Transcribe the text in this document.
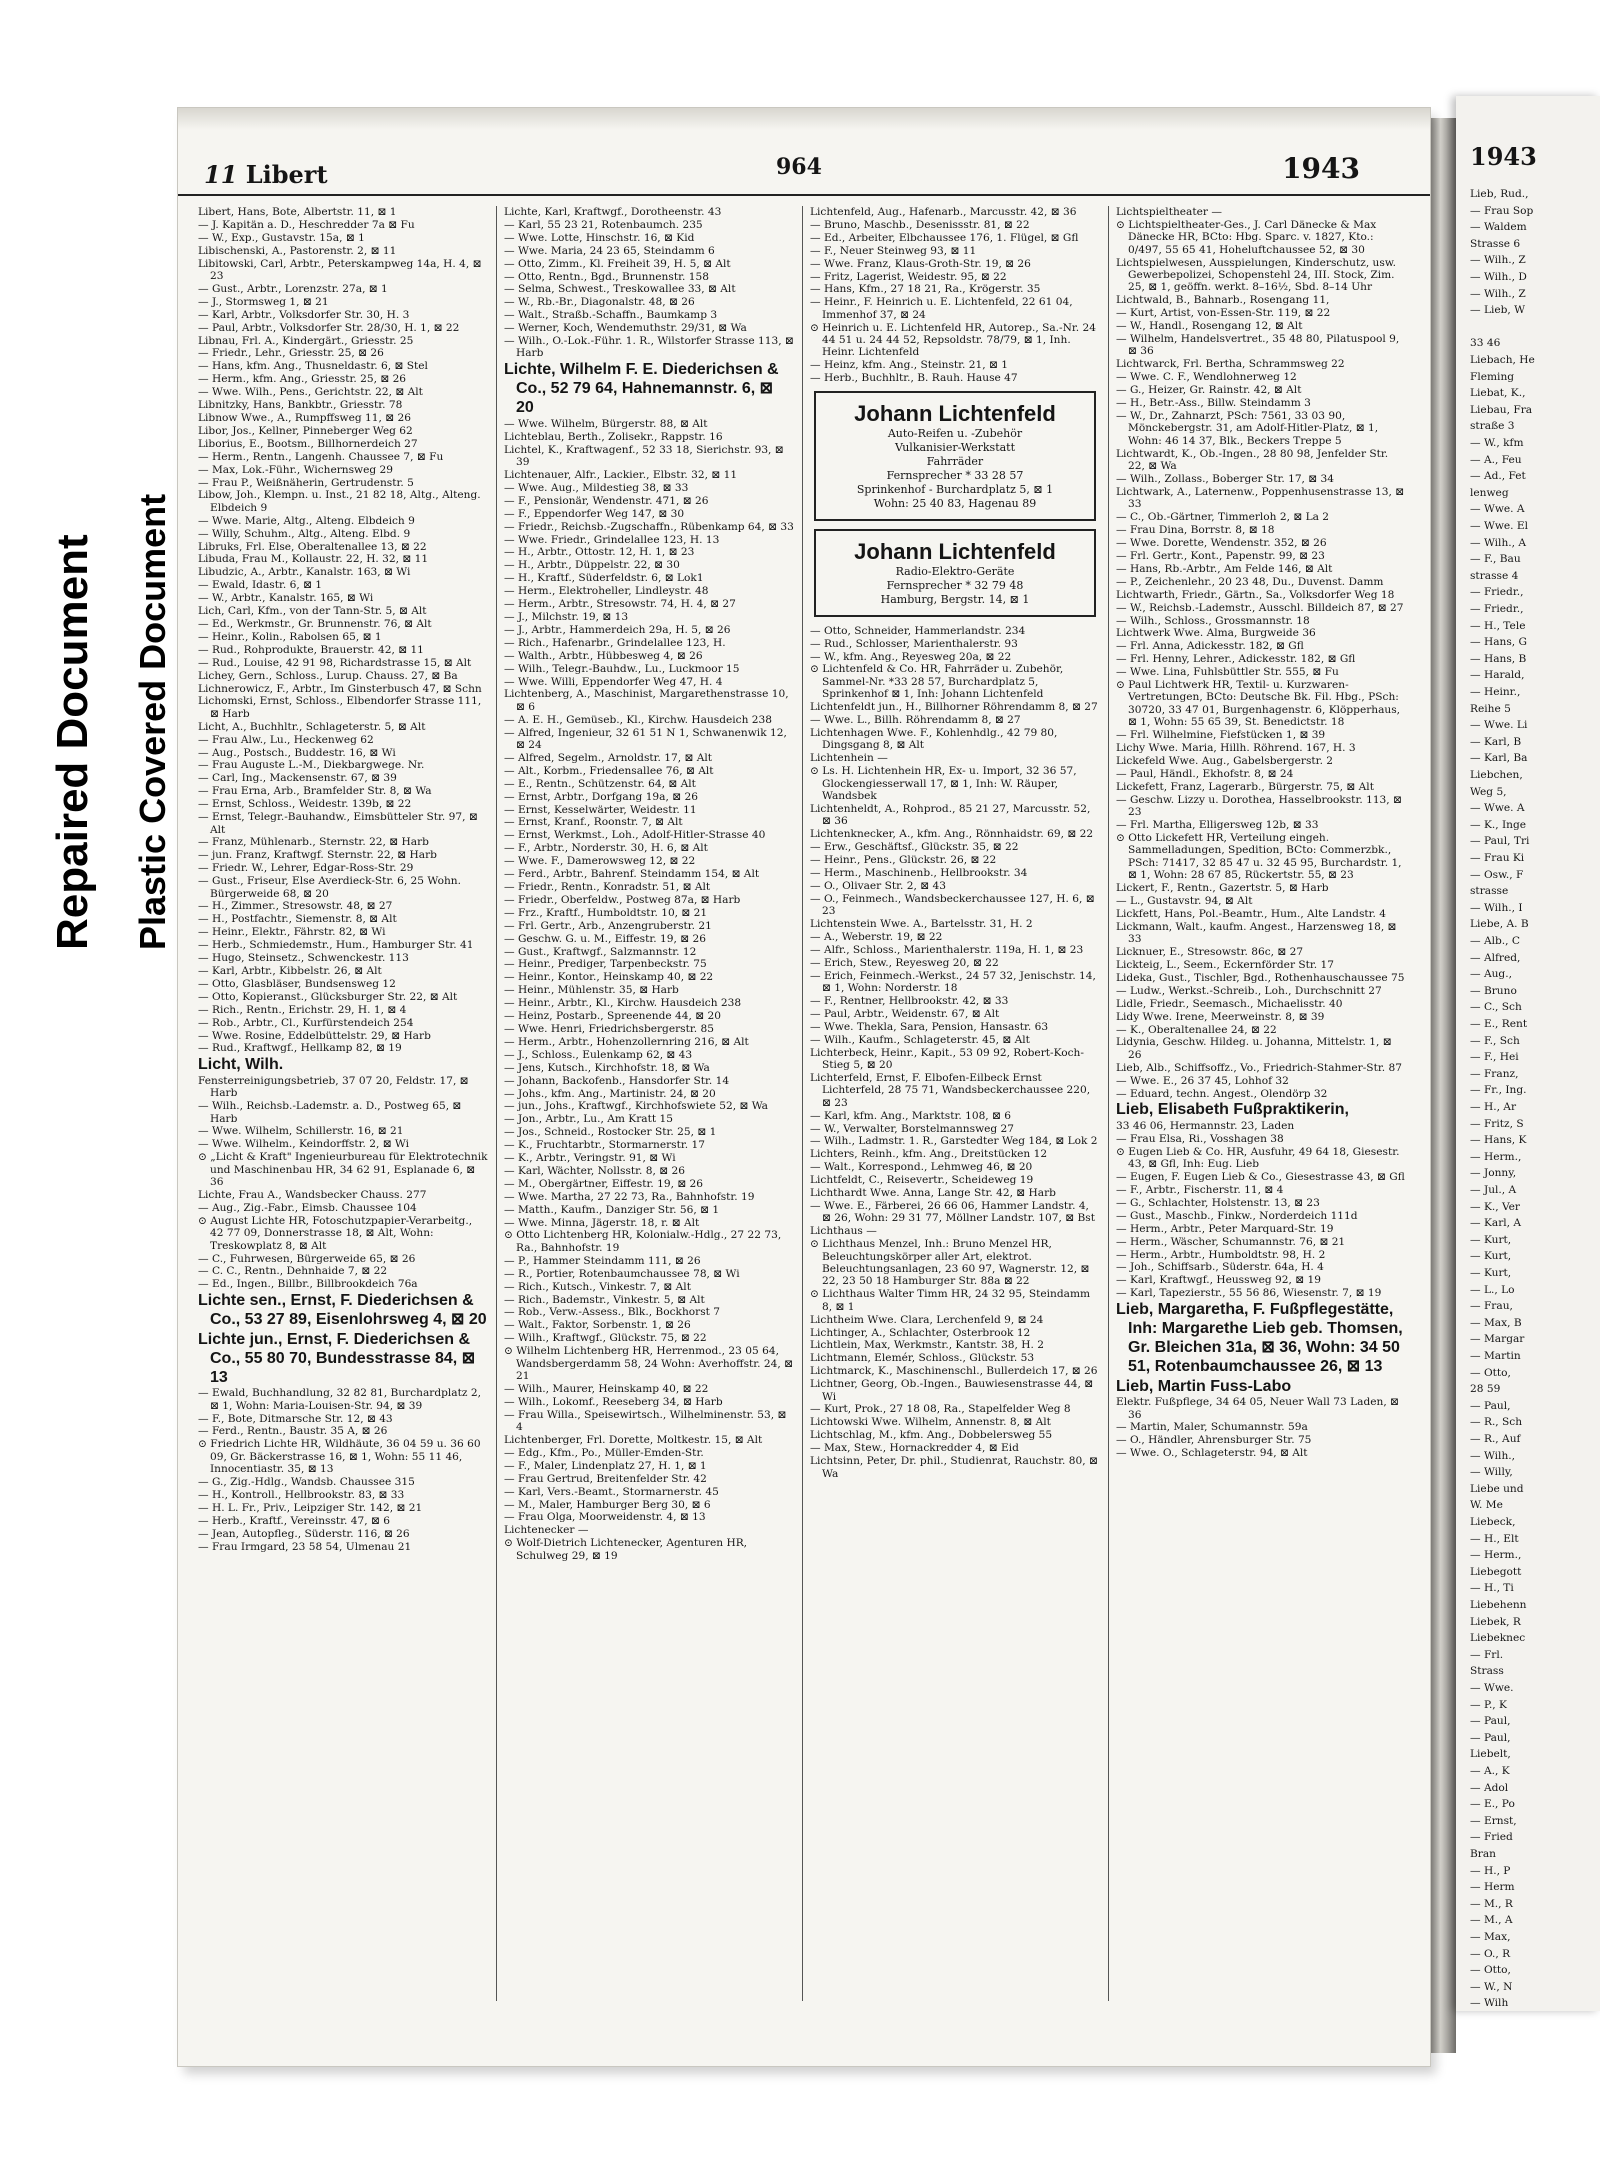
Repaired Document Plastic Covered Document
1943
Lieb, Rud.,
— Frau Sop
— Waldem
Strasse 6
— Wilh., Z
— Wilh., D
— Wilh., Z
— Lieb, W
33 46
Liebach, He
Fleming
Liebat, K.,
Liebau, Fra
straße 3
— W., kfm
— A., Feu
— Ad., Fet
lenweg
— Wwe. A
— Wwe. El
— Wilh., A
— F., Bau
strasse 4
— Friedr.,
— Friedr.,
— H., Tele
— Hans, G
— Hans, B
— Harald,
— Heinr.,
Reihe 5
— Wwe. Li
— Karl, B
— Karl, Ba
Liebchen,
Weg 5,
— Wwe. A
— K., Inge
— Paul, Tri
— Frau Ki
— Osw., F
strasse
— Wilh., I
Liebe, A. B
— Alb., C
— Alfred,
— Aug.,
— Bruno
— C., Sch
— E., Rent
— F., Sch
— F., Hei
— Franz,
— Fr., Ing.
— H., Ar
— Fritz, S
— Hans, K
— Herm.,
— Jonny,
— Jul., A
— K., Ver
— Karl, A
— Kurt,
— Kurt,
— Kurt,
— L., Lo
— Frau,
— Max, B
— Margar
— Martin
— Otto,
28 59
— Paul,
— R., Sch
— R., Auf
— Wilh.,
— Willy,
Liebe und
W. Me
Liebeck,
— H., Elt
— Herm.,
Liebegott
— H., Ti
Liebehenn
Liebek, R
Liebeknec
— Frl.
Strass
— Wwe.
— P., K
— Paul,
— Paul,
Liebelt,
— A., K
— Adol
— E., Po
— Ernst,
— Fried
Bran
— H., P
— Herm
— M., R
— M., A
— Max,
— O., R
— Otto,
— W., N
— Wilh
11 Libert	964	1943

Libert, Hans, Bote, Albertstr. 11, ⊠ 1

— J. Kapitän a. D., Heschredder 7a ⊠ Fu

— W., Exp., Gustavstr. 15a, ⊠ 1

Libischenski, A., Pastorenstr. 2, ⊠ 11

Libitowski, Carl, Arbtr., Peterskampweg 14a, H. 4, ⊠ 23

— Gust., Arbtr., Lorenzstr. 27a, ⊠ 1

— J., Stormsweg 1, ⊠ 21

— Karl, Arbtr., Volksdorfer Str. 30, H. 3

— Paul, Arbtr., Volksdorfer Str. 28/30, H. 1, ⊠ 22

Libnau, Frl. A., Kindergärt., Griesstr. 25

— Friedr., Lehr., Griesstr. 25, ⊠ 26

— Hans, kfm. Ang., Thusneldastr. 6, ⊠ Stel

— Herm., kfm. Ang., Griesstr. 25, ⊠ 26

— Wwe. Wilh., Pens., Gerichtstr. 22, ⊠ Alt

Libnitzky, Hans, Bankbtr., Griesstr. 78

Libnow Wwe., A., Rumpffsweg 11, ⊠ 26

Libor, Jos., Kellner, Pinneberger Weg 62

Liborius, E., Bootsm., Billhornerdeich 27

— Herm., Rentn., Langenh. Chaussee 7, ⊠ Fu

— Max, Lok.-Führ., Wichernsweg 29

— Frau P., Weißnäherin, Gertrudenstr. 5

Libow, Joh., Klempn. u. Inst., 21 82 18, Altg., Alteng. Elbdeich 9

— Wwe. Marie, Altg., Alteng. Elbdeich 9

— Willy, Schuhm., Altg., Alteng. Elbd. 9

Libruks, Frl. Else, Oberaltenallee 13, ⊠ 22

Libuda, Frau M., Kollaustr. 22, H. 32, ⊠ 11

Libudzic, A., Arbtr., Kanalstr. 163, ⊠ Wi

— Ewald, Idastr. 6, ⊠ 1

— W., Arbtr., Kanalstr. 165, ⊠ Wi

Lich, Carl, Kfm., von der Tann-Str. 5, ⊠ Alt

— Ed., Werkmstr., Gr. Brunnenstr. 76, ⊠ Alt

— Heinr., Kolin., Rabolsen 65, ⊠ 1

— Rud., Rohprodukte, Brauerstr. 42, ⊠ 11

— Rud., Louise, 42 91 98, Richardstrasse 15, ⊠ Alt

Lichey, Gern., Schloss., Lurup. Chauss. 27, ⊠ Ba

Lichnerowicz, F., Arbtr., Im Ginsterbusch 47, ⊠ Schn

Lichomski, Ernst, Schloss., Elbendorfer Strasse 111, ⊠ Harb

Licht, A., Buchhltr., Schlageterstr. 5, ⊠ Alt

— Frau Alw., Lu., Heckenweg 62

— Aug., Postsch., Buddestr. 16, ⊠ Wi

— Frau Auguste L.-M., Diekbargwege. Nr.

— Carl, Ing., Mackensenstr. 67, ⊠ 39

— Frau Erna, Arb., Bramfelder Str. 8, ⊠ Wa

— Ernst, Schloss., Weidestr. 139b, ⊠ 22

— Ernst, Telegr.-Bauhandw., Eimsbütteler Str. 97, ⊠ Alt

— Franz, Mühlenarb., Sternstr. 22, ⊠ Harb

— jun. Franz, Kraftwgf. Sternstr. 22, ⊠ Harb

— Friedr. W., Lehrer, Edgar-Ross-Str. 29

— Gust., Friseur, Else Averdieck-Str. 6, 25 Wohn. Bürgerweide 68, ⊠ 20

— H., Zimmer., Stresowstr. 48, ⊠ 27

— H., Postfachtr., Siemenstr. 8, ⊠ Alt

— Heinr., Elektr., Fährstr. 82, ⊠ Wi

— Herb., Schmiedemstr., Hum., Hamburger Str. 41

— Hugo, Steinsetz., Schwenckestr. 113

— Karl, Arbtr., Kibbelstr. 26, ⊠ Alt

— Otto, Glasbläser, Bundsensweg 12

— Otto, Kopieranst., Glücksburger Str. 22, ⊠ Alt

— Rich., Rentn., Erichstr. 29, H. 1, ⊠ 4

— Rob., Arbtr., Cl., Kurfürstendeich 254

— Wwe. Rosine, Eddelbüttelstr. 29, ⊠ Harb

— Rud., Kraftwgf., Hellkamp 82, ⊠ 19

Licht, Wilh.

Fensterreinigungsbetrieb, 37 07 20, Feldstr. 17, ⊠ Harb

— Wilh., Reichsb.-Lademstr. a. D., Postweg 65, ⊠ Harb

— Wwe. Wilhelm, Schillerstr. 16, ⊠ 21

— Wwe. Wilhelm., Keindorffstr. 2, ⊠ Wi

⊙ „Licht & Kraft" Ingenieurbureau für Elektrotechnik und Maschinenbau HR, 34 62 91, Esplanade 6, ⊠ 36

Lichte, Frau A., Wandsbecker Chauss. 277

— Aug., Zig.-Fabr., Eimsb. Chaussee 104

⊙ August Lichte HR, Fotoschutzpapier-Verarbeitg., 42 77 09, Donnerstrasse 18, ⊠ Alt, Wohn: Treskowplatz 8, ⊠ Alt

— C., Fuhrwesen, Bürgerweide 65, ⊠ 26

— C. C., Rentn., Dehnhaide 7, ⊠ 22

— Ed., Ingen., Billbr., Billbrookdeich 76a

Lichte sen., Ernst, F. Diederichsen & Co., 53 27 89, Eisenlohrsweg 4, ⊠ 20

Lichte jun., Ernst, F. Diederichsen & Co., 55 80 70, Bundesstrasse 84, ⊠ 13

— Ewald, Buchhandlung, 32 82 81, Burchardplatz 2, ⊠ 1, Wohn: Maria-Louisen-Str. 94, ⊠ 39

— F., Bote, Ditmarsche Str. 12, ⊠ 43

— Ferd., Rentn., Baustr. 35 A, ⊠ 26

⊙ Friedrich Lichte HR, Wildhäute, 36 04 59 u. 36 60 09, Gr. Bäckerstrasse 16, ⊠ 1, Wohn: 55 11 46, Innocentiastr. 35, ⊠ 13

— G., Zig.-Hdlg., Wandsb. Chaussee 315

— H., Kontroll., Hellbrookstr. 83, ⊠ 33

— H. L. Fr., Priv., Leipziger Str. 142, ⊠ 21

— Herb., Kraftf., Vereinsstr. 47, ⊠ 6

— Jean, Autopfleg., Süderstr. 116, ⊠ 26

— Frau Irmgard, 23 58 54, Ulmenau 21

Lichte, Karl, Kraftwgf., Dorotheenstr. 43

— Karl, 55 23 21, Rotenbaumch. 235

— Wwe. Lotte, Hinschstr. 16, ⊠ Kid

— Wwe. Maria, 24 23 65, Steindamm 6

— Otto, Zimm., Kl. Freiheit 39, H. 5, ⊠ Alt

— Otto, Rentn., Bgd., Brunnenstr. 158

— Selma, Schwest., Treskowallee 33, ⊠ Alt

— W., Rb.-Br., Diagonalstr. 48, ⊠ 26

— Walt., Straßb.-Schaffn., Baumkamp 3

— Werner, Koch, Wendemuthstr. 29/31, ⊠ Wa

— Wilh., O.-Lok.-Führ. 1. R., Wilstorfer Strasse 113, ⊠ Harb

Lichte, Wilhelm F. E. Diederichsen & Co., 52 79 64, Hahnemannstr. 6, ⊠ 20

— Wwe. Wilhelm, Bürgerstr. 88, ⊠ Alt

Lichteblau, Berth., Zolisekr., Rappstr. 16

Lichtel, K., Kraftwagenf., 52 33 18, Sierichstr. 93, ⊠ 39

Lichtenauer, Alfr., Lackier., Elbstr. 32, ⊠ 11

— Wwe. Aug., Mildestieg 38, ⊠ 33

— F., Pensionär, Wendenstr. 471, ⊠ 26

— F., Eppendorfer Weg 147, ⊠ 30

— Friedr., Reichsb.-Zugschaffn., Rübenkamp 64, ⊠ 33

— Wwe. Friedr., Grindelallee 123, H. 13

— H., Arbtr., Ottostr. 12, H. 1, ⊠ 23

— H., Arbtr., Düppelstr. 22, ⊠ 30

— H., Kraftf., Süderfeldstr. 6, ⊠ Lok1

— Herm., Elektroheller, Lindleystr. 48

— Herm., Arbtr., Stresowstr. 74, H. 4, ⊠ 27

— J., Milchstr. 19, ⊠ 13

— J., Arbtr., Hammerdeich 29a, H. 5, ⊠ 26

— Rich., Hafenarbr., Grindelallee 123, H.

— Walth., Arbtr., Hübbesweg 4, ⊠ 26

— Wilh., Telegr.-Bauhdw., Lu., Luckmoor 15

— Wwe. Willi, Eppendorfer Weg 47, H. 4

Lichtenberg, A., Maschinist, Margarethenstrasse 10, ⊠ 6

— A. E. H., Gemüseb., Kl., Kirchw. Hausdeich 238

— Alfred, Ingenieur, 32 61 51 N 1, Schwanenwik 12, ⊠ 24

— Alfred, Segelm., Arnoldstr. 17, ⊠ Alt

— Alt., Korbm., Friedensallee 76, ⊠ Alt

— E., Rentn., Schützenstr. 64, ⊠ Alt

— Ernst, Arbtr., Dorfgang 19a, ⊠ 26

— Ernst, Kesselwärter, Weidestr. 11

— Ernst, Kranf., Roonstr. 7, ⊠ Alt

— Ernst, Werkmst., Loh., Adolf-Hitler-Strasse 40

— F., Arbtr., Norderstr. 30, H. 6, ⊠ Alt

— Wwe. F., Damerowsweg 12, ⊠ 22

— Ferd., Arbtr., Bahrenf. Steindamm 154, ⊠ Alt

— Friedr., Rentn., Konradstr. 51, ⊠ Alt

— Friedr., Oberfeldw., Postweg 87a, ⊠ Harb

— Frz., Kraftf., Humboldtstr. 10, ⊠ 21

— Frl. Gertr., Arb., Anzengruberstr. 21

— Geschw. G. u. M., Eiffestr. 19, ⊠ 26

— Gust., Kraftwgf., Salzmannstr. 12

— Heinr., Prediger, Tarpenbeckstr. 75

— Heinr., Kontor., Heinskamp 40, ⊠ 22

— Heinr., Mühlenstr. 35, ⊠ Harb

— Heinr., Arbtr., Kl., Kirchw. Hausdeich 238

— Heinz, Postarb., Spreenende 44, ⊠ 20

— Wwe. Henri, Friedrichsbergerstr. 85

— Herm., Arbtr., Hohenzollernring 216, ⊠ Alt

— J., Schloss., Eulenkamp 62, ⊠ 43

— Jens, Kutsch., Kirchhofstr. 18, ⊠ Wa

— Johann, Backofenb., Hansdorfer Str. 14

— Johs., kfm. Ang., Martinistr. 24, ⊠ 20

— jun., Johs., Kraftwgf., Kirchhofswiete 52, ⊠ Wa

— Jon., Arbtr., Lu., Am Kratt 15

— Jos., Schneid., Rostocker Str. 25, ⊠ 1

— K., Fruchtarbtr., Stormarnerstr. 17

— K., Arbtr., Veringstr. 91, ⊠ Wi

— Karl, Wächter, Nollsstr. 8, ⊠ 26

— M., Obergärtner, Eiffestr. 19, ⊠ 26

— Wwe. Martha, 27 22 73, Ra., Bahnhofstr. 19

— Matth., Kaufm., Danziger Str. 56, ⊠ 1

— Wwe. Minna, Jägerstr. 18, r. ⊠ Alt

⊙ Otto Lichtenberg HR, Kolonialw.-Hdlg., 27 22 73, Ra., Bahnhofstr. 19

— P., Hammer Steindamm 111, ⊠ 26

— R., Portier, Rotenbaumchaussee 78, ⊠ Wi

— Rich., Kutsch., Vinkestr. 7, ⊠ Alt

— Rich., Bademstr., Vinkestr. 5, ⊠ Alt

— Rob., Verw.-Assess., Blk., Bockhorst 7

— Walt., Faktor, Sorbenstr. 1, ⊠ 26

— Wilh., Kraftwgf., Glückstr. 75, ⊠ 22

⊙ Wilhelm Lichtenberg HR, Herrenmod., 23 05 64, Wandsbergerdamm 58, 24 Wohn: Averhoffstr. 24, ⊠ 21

— Wilh., Maurer, Heinskamp 40, ⊠ 22

— Wilh., Lokomf., Reeseberg 34, ⊠ Harb

— Frau Willa., Speisewirtsch., Wilhelminenstr. 53, ⊠ 4

Lichtenberger, Frl. Dorette, Moltkestr. 15, ⊠ Alt

— Edg., Kfm., Po., Müller-Emden-Str.

— F., Maler, Lindenplatz 27, H. 1, ⊠ 1

— Frau Gertrud, Breitenfelder Str. 42

— Karl, Vers.-Beamt., Stormarnerstr. 45

— M., Maler, Hamburger Berg 30, ⊠ 6

— Frau Olga, Moorweidenstr. 4, ⊠ 13

Lichtenecker —

⊙ Wolf-Dietrich Lichtenecker, Agenturen HR, Schulweg 29, ⊠ 19

Lichtenfeld, Aug., Hafenarb., Marcusstr. 42, ⊠ 36

— Bruno, Maschb., Desenissstr. 81, ⊠ 22

— Ed., Arbeiter, Elbchaussee 176, 1. Flügel, ⊠ Gfl

— F., Neuer Steinweg 93, ⊠ 11

— Wwe. Franz, Klaus-Groth-Str. 19, ⊠ 26

— Fritz, Lagerist, Weidestr. 95, ⊠ 22

— Hans, Kfm., 27 18 21, Ra., Krögerstr. 35

— Heinr., F. Heinrich u. E. Lichtenfeld, 22 61 04, Immenhof 37, ⊠ 24

⊙ Heinrich u. E. Lichtenfeld HR, Autorep., Sa.-Nr. 24 44 51 u. 24 44 52, Repsoldstr. 78/79, ⊠ 1, Inh. Heinr. Lichtenfeld

— Heinz, kfm. Ang., Steinstr. 21, ⊠ 1

— Herb., Buchhltr., B. Rauh. Hause 47

Johann Lichtenfeld
Auto-Reifen u. -Zubehör
Vulkanisier-Werkstatt
Fahrräder
Fernsprecher * 33 28 57
Sprinkenhof - Burchardplatz 5, ⊠ 1
Wohn: 25 40 83, Hagenau 89
Johann Lichtenfeld
Radio-Elektro-Geräte
Fernsprecher * 32 79 48
Hamburg, Bergstr. 14, ⊠ 1

— Otto, Schneider, Hammerlandstr. 234

— Rud., Schlosser, Marienthalerstr. 93

— W., kfm. Ang., Reyesweg 20a, ⊠ 22

⊙ Lichtenfeld & Co. HR, Fahrräder u. Zubehör, Sammel-Nr. *33 28 57, Burchardplatz 5, Sprinkenhof ⊠ 1, Inh: Johann Lichtenfeld

Lichtenfeldt jun., H., Billhorner Röhrendamm 8, ⊠ 27

— Wwe. L., Billh. Röhrendamm 8, ⊠ 27

Lichtenhagen Wwe. F., Kohlenhdlg., 42 79 80, Dingsgang 8, ⊠ Alt

Lichtenhein —

⊙ Ls. H. Lichtenhein HR, Ex- u. Import, 32 36 57, Glockengiesserwall 17, ⊠ 1, Inh: W. Räuper, Wandsbek

Lichtenheldt, A., Rohprod., 85 21 27, Marcusstr. 52, ⊠ 36

Lichtenknecker, A., kfm. Ang., Rönnhaidstr. 69, ⊠ 22

— Erw., Geschäftsf., Glückstr. 35, ⊠ 22

— Heinr., Pens., Glückstr. 26, ⊠ 22

— Herm., Maschinenb., Hellbrookstr. 34

— O., Olivaer Str. 2, ⊠ 43

— O., Feinmech., Wandsbeckerchaussee 127, H. 6, ⊠ 23

Lichtenstein Wwe. A., Bartelsstr. 31, H. 2

— A., Weberstr. 19, ⊠ 22

— Alfr., Schloss., Marienthalerstr. 119a, H. 1, ⊠ 23

— Erich, Stew., Reyesweg 20, ⊠ 22

— Erich, Feinmech.-Werkst., 24 57 32, Jenischstr. 14, ⊠ 1, Wohn: Norderstr. 18

— F., Rentner, Hellbrookstr. 42, ⊠ 33

— Paul, Arbtr., Weidenstr. 67, ⊠ Alt

— Wwe. Thekla, Sara, Pension, Hansastr. 63

— Wilh., Kaufm., Schlageterstr. 45, ⊠ Alt

Lichterbeck, Heinr., Kapit., 53 09 92, Robert-Koch-Stieg 5, ⊠ 20

Lichterfeld, Ernst, F. Elbofen-Eilbeck Ernst Lichterfeld, 28 75 71, Wandsbeckerchaussee 220, ⊠ 23

— Karl, kfm. Ang., Marktstr. 108, ⊠ 6

— W., Verwalter, Borstelmannsweg 27

— Wilh., Ladmstr. 1. R., Garstedter Weg 184, ⊠ Lok 2

Lichters, Reinh., kfm. Ang., Dreitstücken 12

— Walt., Korrespond., Lehmweg 46, ⊠ 20

Lichtfeldt, C., Reisevertr., Scheideweg 19

Lichthardt Wwe. Anna, Lange Str. 42, ⊠ Harb

— Wwe. E., Färberei, 26 66 06, Hammer Landstr. 4, ⊠ 26, Wohn: 29 31 77, Möllner Landstr. 107, ⊠ Bst

Lichthaus —

⊙ Lichthaus Menzel, Inh.: Bruno Menzel HR, Beleuchtungskörper aller Art, elektrot. Beleuchtungsanlagen, 23 60 97, Wagnerstr. 12, ⊠ 22, 23 50 18 Hamburger Str. 88a ⊠ 22

⊙ Lichthaus Walter Timm HR, 24 32 95, Steindamm 8, ⊠ 1

Lichtheim Wwe. Clara, Lerchenfeld 9, ⊠ 24

Lichtinger, A., Schlachter, Osterbrook 12

Lichtlein, Max, Werkmstr., Kantstr. 38, H. 2

Lichtmann, Elemér, Schloss., Glückstr. 53

Lichtmarck, K., Maschinenschl., Bullerdeich 17, ⊠ 26

Lichtner, Georg, Ob.-Ingen., Bauwiesenstrasse 44, ⊠ Wi

— Kurt, Prok., 27 18 08, Ra., Stapelfelder Weg 8

Lichtowski Wwe. Wilhelm, Annenstr. 8, ⊠ Alt

Lichtschlag, M., kfm. Ang., Dobbelersweg 55

— Max, Stew., Hornackredder 4, ⊠ Eid

Lichtsinn, Peter, Dr. phil., Studienrat, Rauchstr. 80, ⊠ Wa

Lichtspieltheater —

⊙ Lichtspieltheater-Ges., J. Carl Dänecke & Max Dänecke HR, BCto: Hbg. Sparc. v. 1827, Kto.: 0/497, 55 65 41, Hoheluftchaussee 52, ⊠ 30

Lichtspielwesen, Ausspielungen, Kinderschutz, usw. Gewerbepolizei, Schopenstehl 24, III. Stock, Zim. 25, ⊠ 1, geöffn. werkt. 8–16½, Sbd. 8–14 Uhr

Lichtwald, B., Bahnarb., Rosengang 11,

— Kurt, Artist, von-Essen-Str. 119, ⊠ 22

— W., Handl., Rosengang 12, ⊠ Alt

— Wilhelm, Handelsvertret., 35 48 80, Pilatuspool 9, ⊠ 36

Lichtwarck, Frl. Bertha, Schrammsweg 22

— Wwe. C. F., Wendlohnerweg 12

— G., Heizer, Gr. Rainstr. 42, ⊠ Alt

— H., Betr.-Ass., Billw. Steindamm 3

— W., Dr., Zahnarzt, PSch: 7561, 33 03 90, Mönckebergstr. 31, am Adolf-Hitler-Platz, ⊠ 1, Wohn: 46 14 37, Blk., Beckers Treppe 5

Lichtwardt, K., Ob.-Ingen., 28 80 98, Jenfelder Str. 22, ⊠ Wa

— Wilh., Zollass., Boberger Str. 17, ⊠ 34

Lichtwark, A., Laternenw., Poppenhusenstrasse 13, ⊠ 33

— C., Ob.-Gärtner, Timmerloh 2, ⊠ La 2

— Frau Dina, Borrstr. 8, ⊠ 18

— Wwe. Dorette, Wendenstr. 352, ⊠ 26

— Frl. Gertr., Kont., Papenstr. 99, ⊠ 23

— Hans, Rb.-Arbtr., Am Felde 146, ⊠ Alt

— P., Zeichenlehr., 20 23 48, Du., Duvenst. Damm

Lichtwarth, Friedr., Gärtn., Sa., Volksdorfer Weg 18

— W., Reichsb.-Lademstr., Ausschl. Billdeich 87, ⊠ 27

— Wilh., Schloss., Grossmannstr. 18

Lichtwerk Wwe. Alma, Burgweide 36

— Frl. Anna, Adickesstr. 182, ⊠ Gfl

— Frl. Henny, Lehrer., Adickesstr. 182, ⊠ Gfl

— Wwe. Lina, Fuhlsbüttler Str. 555, ⊠ Fu

⊙ Paul Lichtwerk HR, Textil- u. Kurzwaren-Vertretungen, BCto: Deutsche Bk. Fil. Hbg., PSch: 30720, 33 47 01, Burgenhagenstr. 6, Klöpperhaus, ⊠ 1, Wohn: 55 65 39, St. Benedictstr. 18

— Frl. Wilhelmine, Fiefstücken 1, ⊠ 39

Lichy Wwe. Maria, Hillh. Röhrend. 167, H. 3

Lickefeld Wwe. Aug., Gabelsbergerstr. 2

— Paul, Händl., Ekhofstr. 8, ⊠ 24

Lickefett, Franz, Lagerarb., Bürgerstr. 75, ⊠ Alt

— Geschw. Lizzy u. Dorothea, Hasselbrookstr. 113, ⊠ 23

— Frl. Martha, Elligersweg 12b, ⊠ 33

⊙ Otto Lickefett HR, Verteilung eingeh. Sammelladungen, Spedition, BCto: Commerzbk., PSch: 71417, 32 85 47 u. 32 45 95, Burchardstr. 1, ⊠ 1, Wohn: 28 67 85, Rückertstr. 55, ⊠ 23

Lickert, F., Rentn., Gazertstr. 5, ⊠ Harb

— L., Gustavstr. 94, ⊠ Alt

Lickfett, Hans, Pol.-Beamtr., Hum., Alte Landstr. 4

Lickmann, Walt., kaufm. Angest., Harzensweg 18, ⊠ 33

Licknuer, E., Stresowstr. 86c, ⊠ 27

Lickteig, L., Seem., Eckernförder Str. 17

Lideka, Gust., Tischler, Bgd., Rothenhauschaussee 75

— Ludw., Werkst.-Schreib., Loh., Durchschnitt 27

Lidle, Friedr., Seemasch., Michaelisstr. 40

Lidy Wwe. Irene, Meerweinstr. 8, ⊠ 39

— K., Oberaltenallee 24, ⊠ 22

Lidynia, Geschw. Hildeg. u. Johanna, Mittelstr. 1, ⊠ 26

Lieb, Alb., Schiffsoffz., Vo., Friedrich-Stahmer-Str. 87

— Wwe. E., 26 37 45, Lohhof 32

— Eduard, techn. Angest., Olendörp 32

Lieb, Elisabeth Fußpraktikerin,

33 46 06, Hermannstr. 23, Laden

— Frau Elsa, Ri., Vosshagen 38

⊙ Eugen Lieb & Co. HR, Ausfuhr, 49 64 18, Giesestr. 43, ⊠ Gfl, Inh: Eug. Lieb

— Eugen, F. Eugen Lieb & Co., Giesestrasse 43, ⊠ Gfl

— F., Arbtr., Fischerstr. 11, ⊠ 4

— G., Schlachter, Holstenstr. 13, ⊠ 23

— Gust., Maschb., Finkw., Norderdeich 111d

— Herm., Arbtr., Peter Marquard-Str. 19

— Herm., Wäscher, Schumannstr. 76, ⊠ 21

— Herm., Arbtr., Humboldtstr. 98, H. 2

— Joh., Schiffsarb., Süderstr. 64a, H. 4

— Karl, Kraftwgf., Heussweg 92, ⊠ 19

— Karl, Tapezierstr., 55 56 86, Wiesenstr. 7, ⊠ 19

Lieb, Margaretha, F. Fußpflegestätte, Inh: Margarethe Lieb geb. Thomsen, Gr. Bleichen 31a, ⊠ 36, Wohn: 34 50 51, Rotenbaumchaussee 26, ⊠ 13

Lieb, Martin Fuss-Labo

Elektr. Fußpflege, 34 64 05, Neuer Wall 73 Laden, ⊠ 36

— Martin, Maler, Schumannstr. 59a

— O., Händler, Ahrensburger Str. 75

— Wwe. O., Schlageterstr. 94, ⊠ Alt
